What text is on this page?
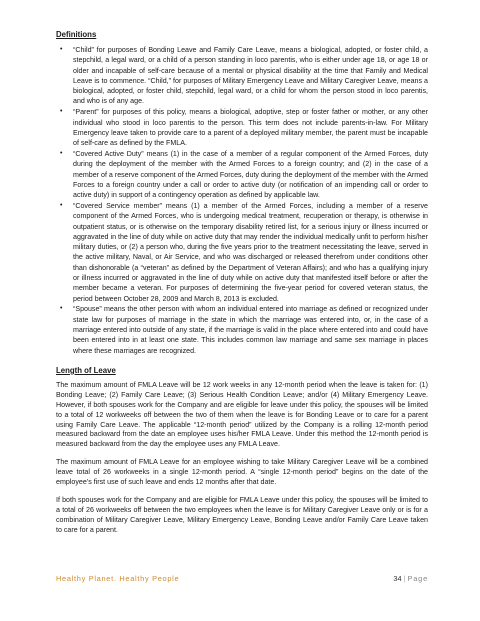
Definitions
• “Child” for purposes of Bonding Leave and Family Care Leave, means a biological, adopted, or foster child, a stepchild, a legal ward, or a child of a person standing in loco parentis, who is either under age 18, or age 18 or older and incapable of self-care because of a mental or physical disability at the time that Family and Medical Leave is to commence. “Child,” for purposes of Military Emergency Leave and Military Caregiver Leave, means a biological, adopted, or foster child, stepchild, legal ward, or a child for whom the person stood in loco parentis, and who is of any age.
• “Parent” for purposes of this policy, means a biological, adoptive, step or foster father or mother, or any other individual who stood in loco parentis to the person. This term does not include parents-in-law. For Military Emergency leave taken to provide care to a parent of a deployed military member, the parent must be incapable of self-care as defined by the FMLA.
• “Covered Active Duty” means (1) in the case of a member of a regular component of the Armed Forces, duty during the deployment of the member with the Armed Forces to a foreign country; and (2) in the case of a member of a reserve component of the Armed Forces, duty during the deployment of the member with the Armed Forces to a foreign country under a call or order to active duty (or notification of an impending call or order to active duty) in support of a contingency operation as defined by applicable law.
• “Covered Service member” means (1) a member of the Armed Forces, including a member of a reserve component of the Armed Forces, who is undergoing medical treatment, recuperation or therapy, is otherwise in outpatient status, or is otherwise on the temporary disability retired list, for a serious injury or illness incurred or aggravated in the line of duty while on active duty that may render the individual medically unfit to perform his/her military duties, or (2) a person who, during the five years prior to the treatment necessitating the leave, served in the active military, Naval, or Air Service, and who was discharged or released therefrom under conditions other than dishonorable (a “veteran” as defined by the Department of Veteran Affairs); and who has a qualifying injury or illness incurred or aggravated in the line of duty while on active duty that manifested itself before or after the member became a veteran. For purposes of determining the five-year period for covered veteran status, the period between October 28, 2009 and March 8, 2013 is excluded.
• “Spouse” means the other person with whom an individual entered into marriage as defined or recognized under state law for purposes of marriage in the state in which the marriage was entered into, or, in the case of a marriage entered into outside of any state, if the marriage is valid in the place where entered into and could have been entered into in at least one state. This includes common law marriage and same sex marriage in places where these marriages are recognized.
Length of Leave

The maximum amount of FMLA Leave will be 12 work weeks in any 12-month period when the leave is taken for: (1) Bonding Leave; (2) Family Care Leave; (3) Serious Health Condition Leave; and/or (4) Military Emergency Leave. However, if both spouses work for the Company and are eligible for leave under this policy, the spouses will be limited to a total of 12 workweeks off between the two of them when the leave is for Bonding Leave or to care for a parent using Family Care Leave. The applicable “12-month period” utilized by the Company is a rolling 12-month period measured backward from the date an employee uses his/her FMLA Leave. Under this method the 12-month period is measured backward from the day the employee uses any FMLA Leave.

The maximum amount of FMLA Leave for an employee wishing to take Military Caregiver Leave will be a combined leave total of 26 workweeks in a single 12-month period. A “single 12-month period” begins on the date of the employee’s first use of such leave and ends 12 months after that date.

If both spouses work for the Company and are eligible for FMLA Leave under this policy, the spouses will be limited to a total of 26 workweeks off between the two employees when the leave is for Military Caregiver Leave only or is for a combination of Military Caregiver Leave, Military Emergency Leave, Bonding Leave and/or Family Care Leave taken to care for a parent.

Healthy Planet. Healthy People	34 | Page
